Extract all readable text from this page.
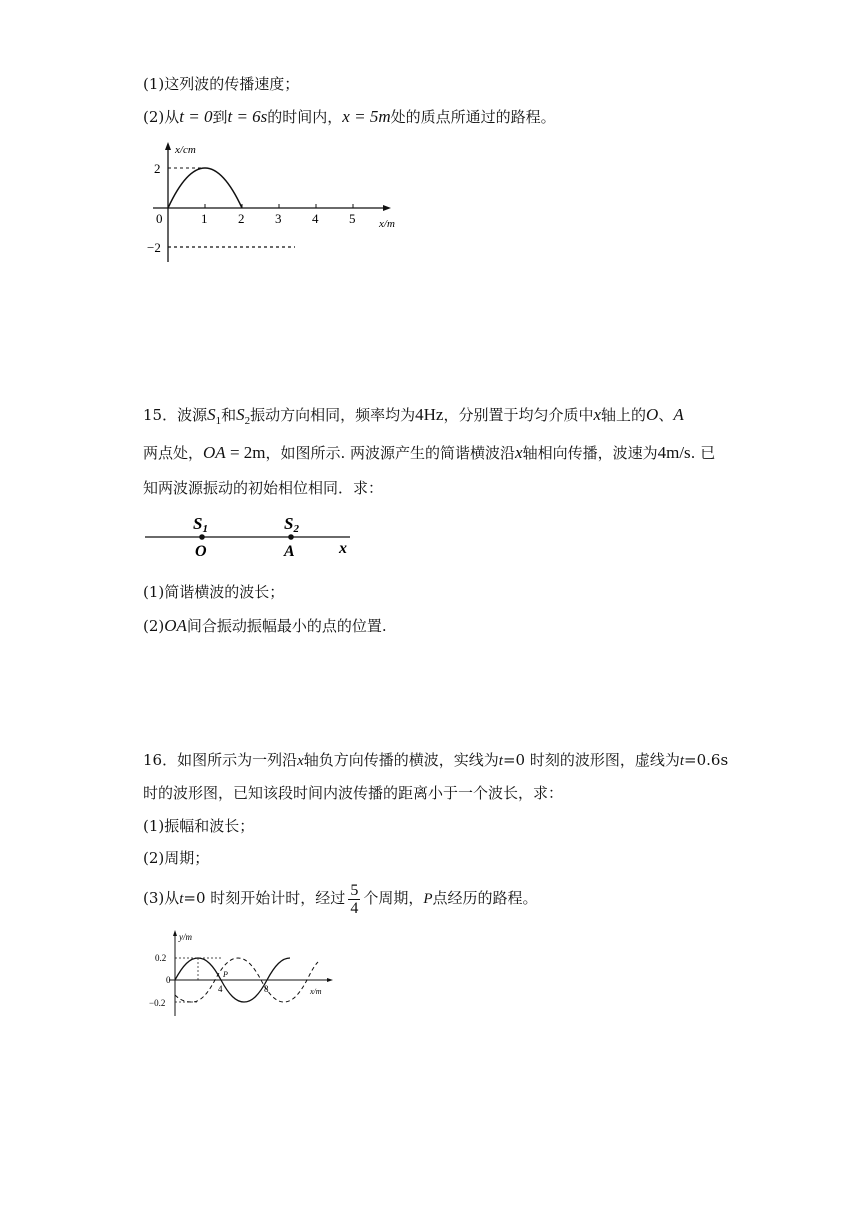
(1)这列波的传播速度；
(2)从t = 0到t = 6s的时间内，x = 5m处的质点所通过的路程。
x/cm
x/m
0	1 2 3 4 5
2
−2
15．波源$S_1$和$S_2$振动方向相同，频率均为4Hz，分别置于均匀介质中x轴上的O、A
两点处，OA = 2m，如图所示. 两波源产生的简谐横波沿x轴相向传播，波速为4m/s. 已
知两波源振动的初始相位相同．求：
S1	S2
O	A	x
(1)简谐横波的波长；
(2)OA间合振动振幅最小的点的位置.
16．如图所示为一列沿x轴负方向传播的横波，实线为t=0 时刻的波形图，虚线为t=0.6s
时的波形图，已知该段时间内波传播的距离小于一个波长，求：
(1)振幅和波长；
(2)周期；
(3)从t=0 时刻开始计时，经过 $\frac{5}{4}$ 个周期，P点经历的路程。
y/m
x/m
0.2
0
−0.2
4	8
P
